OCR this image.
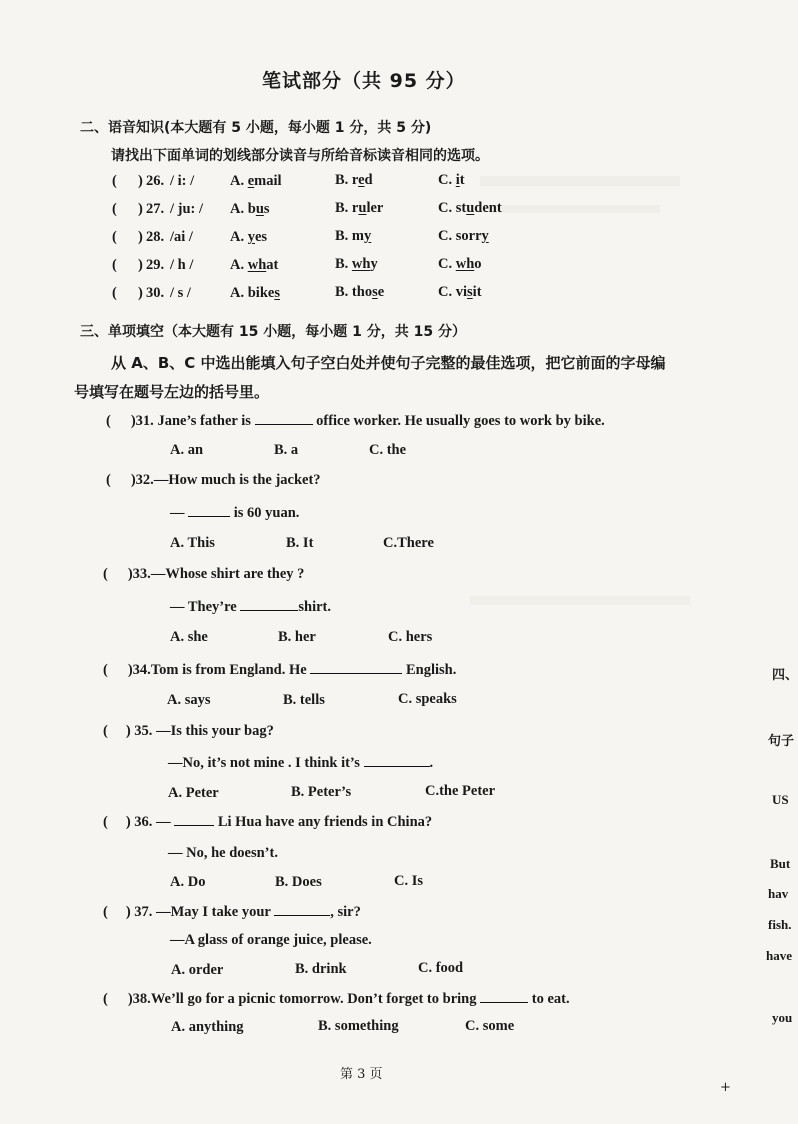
笔试部分（共 95 分）
二、语音知识(本大题有 5 小题，每小题 1 分，共 5 分)
请找出下面单词的划线部分读音与所给音标读音相同的选项。
( ) 26. / i: / A. email	B. red	C. it
( ) 27. / ju: / A. bus	B. ruler	C. student
( ) 28. /ai /	A. yes	B. my	C. sorry
( ) 29. / h /	A. what	B. why	C. who
( ) 30. / s /	A. bikes	B. those	C. visit
三、单项填空（本大题有 15 小题，每小题 1 分，共 15 分）
从 A、B、C 中选出能填入句子空白处并使句子完整的最佳选项，把它前面的字母编
号填写在题号左边的括号里。
( )31. Jane’s father is	office worker. He usually goes to work by bike.
A. an	B. a	C. the
( )32.—How much is the jacket?
—	is 60 yuan.
A. This	B. It	C.There
( )33.—Whose shirt are they ?
— They’re	shirt.
A. she	B. her	C. hers
( )34.Tom is from England. He	English.
A. says	B. tells	C. speaks
( ) 35. —Is this your bag?
—No, it’s not mine . I think it’s	.
A. Peter	B. Peter’s	C.the Peter
( ) 36. —	Li Hua have any friends in China?
— No, he doesn’t.
A. Do	B. Does	C. Is
( ) 37. —May I take your	, sir?
—A glass of orange juice, please.
A. order	B. drink	C. food
( )38.We’ll go for a picnic tomorrow. Don’t forget to bring	to eat.
A. anything	B. something	C. some
四、
句子
US
But
hav
fish.
have
you
第 3 页
+
